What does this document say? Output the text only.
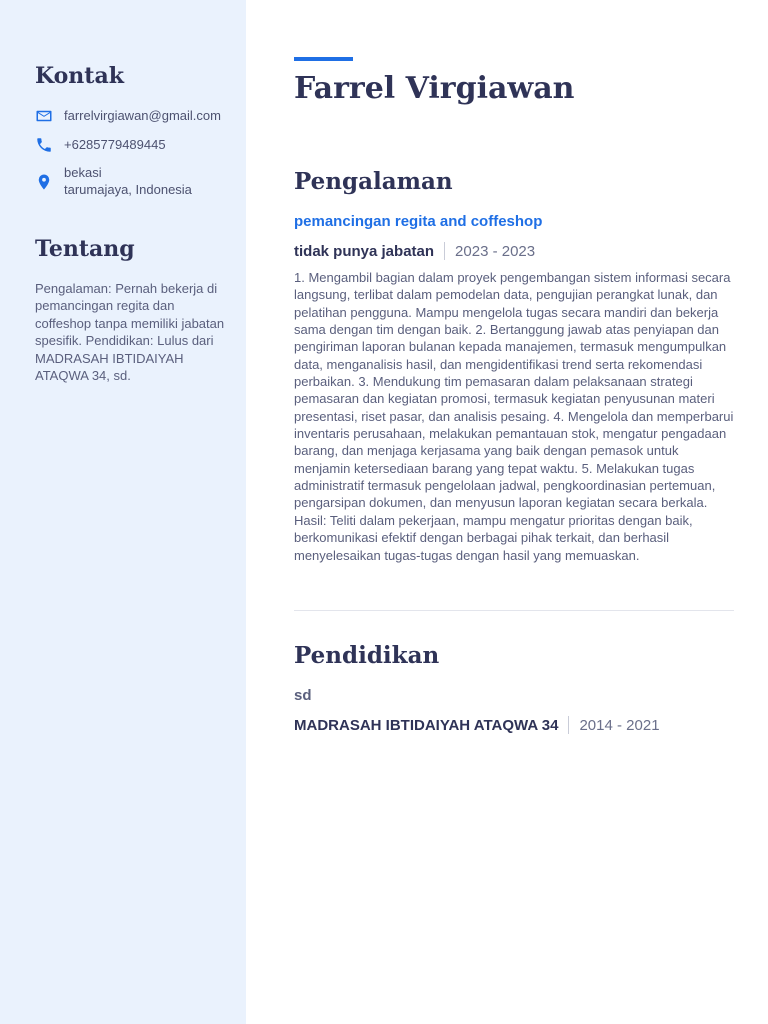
Kontak
farrelvirgiawan@gmail.com
+6285779489445
bekasi
tarumajaya, Indonesia
Tentang

Pengalaman: Pernah bekerja di pemancingan regita dan coffeshop tanpa memiliki jabatan spesifik. Pendidikan: Lulus dari MADRASAH IBTIDAIYAH ATAQWA 34, sd.

Farrel Virgiawan
Pengalaman
pemancingan regita and coffeshop
tidak punya jabatan 2023 - 2023

1. Mengambil bagian dalam proyek pengembangan sistem informasi secara langsung, terlibat dalam pemodelan data, pengujian perangkat lunak, dan pelatihan pengguna. Mampu mengelola tugas secara mandiri dan bekerja sama dengan tim dengan baik. 2. Bertanggung jawab atas penyiapan dan pengiriman laporan bulanan kepada manajemen, termasuk mengumpulkan data, menganalisis hasil, dan mengidentifikasi trend serta rekomendasi perbaikan. 3. Mendukung tim pemasaran dalam pelaksanaan strategi pemasaran dan kegiatan promosi, termasuk kegiatan penyusunan materi presentasi, riset pasar, dan analisis pesaing. 4. Mengelola dan memperbarui inventaris perusahaan, melakukan pemantauan stok, mengatur pengadaan barang, dan menjaga kerjasama yang baik dengan pemasok untuk menjamin ketersediaan barang yang tepat waktu. 5. Melakukan tugas administratif termasuk pengelolaan jadwal, pengkoordinasian pertemuan, pengarsipan dokumen, dan menyusun laporan kegiatan secara berkala. Hasil: Teliti dalam pekerjaan, mampu mengatur prioritas dengan baik, berkomunikasi efektif dengan berbagai pihak terkait, dan berhasil menyelesaikan tugas-tugas dengan hasil yang memuaskan.

Pendidikan
sd
MADRASAH IBTIDAIYAH ATAQWA 34 2014 - 2021
